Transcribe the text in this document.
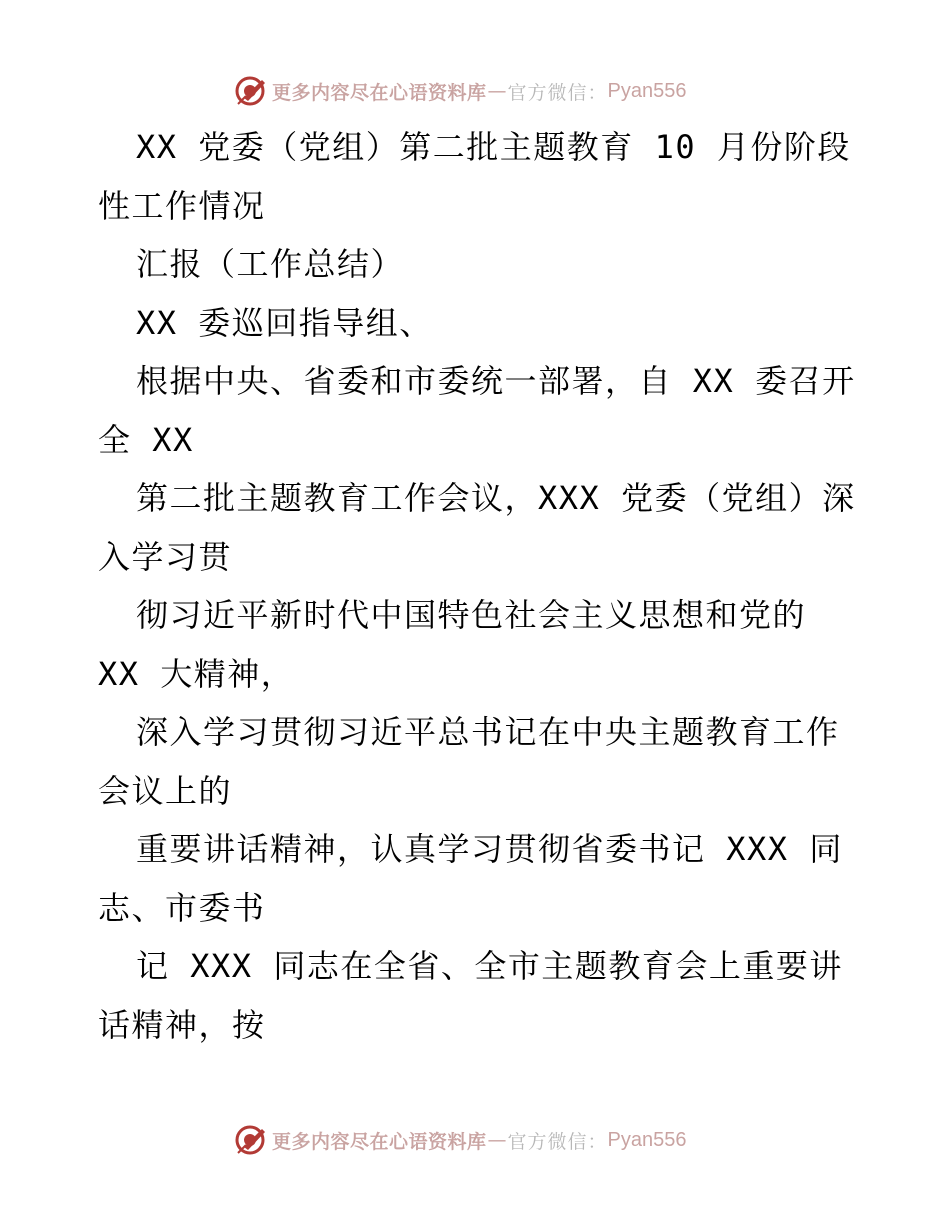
更多内容尽在心语资料库 — 官方微信： Pyan556
XX 党委（党组）第二批主题教育 10 月份阶段
性工作情况
汇报（工作总结）
XX 委巡回指导组、
根据中央、省委和市委统一部署，自 XX 委召开
全 XX
第二批主题教育工作会议，XXX 党委（党组）深
入学习贯
彻习近平新时代中国特色社会主义思想和党的
XX 大精神，
深入学习贯彻习近平总书记在中央主题教育工作
会议上的
重要讲话精神，认真学习贯彻省委书记 XXX 同
志、市委书
记 XXX 同志在全省、全市主题教育会上重要讲
话精神，按
更多内容尽在心语资料库 — 官方微信： Pyan556
